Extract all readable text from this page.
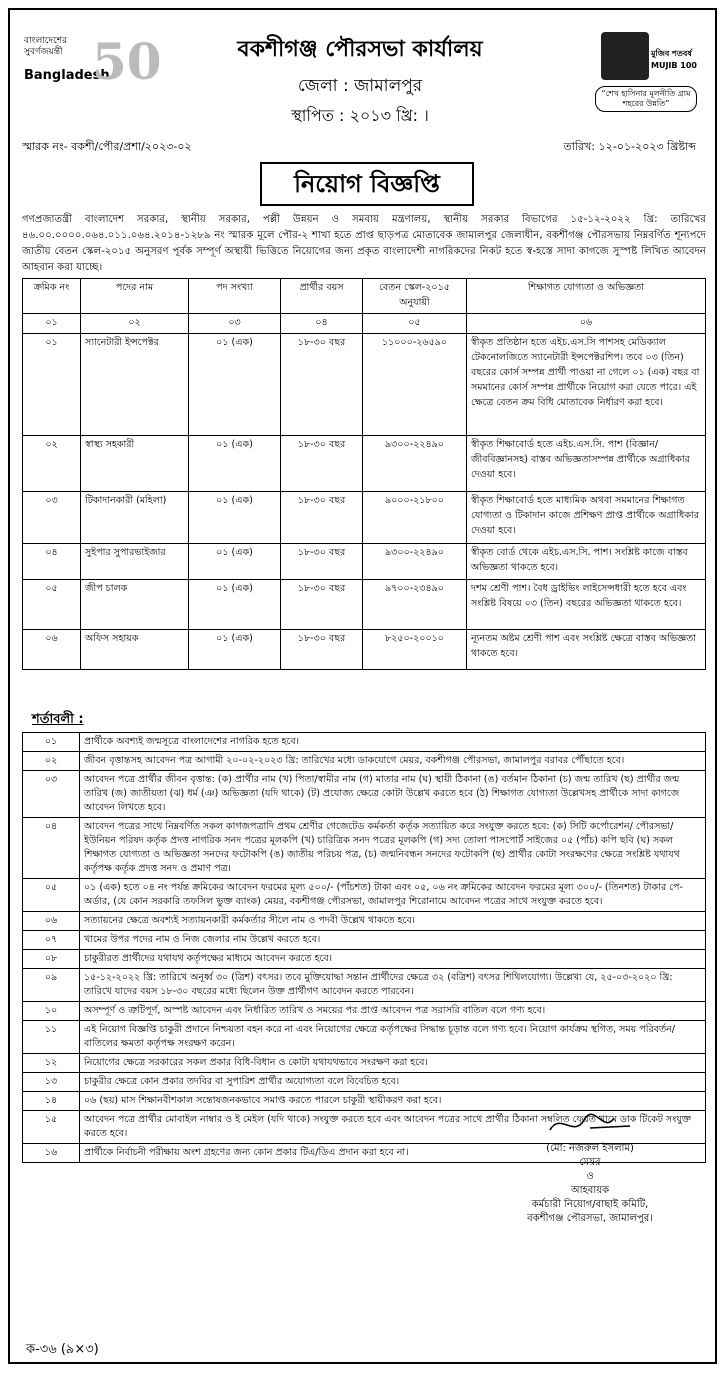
বাংলাদেশের
সুবর্ণজয়ন্তী
Bangladesh
50	বকশীগঞ্জ পৌরসভা কার্যালয়
জেলা : জামালপুর
স্থাপিত : ২০১৩ খ্রি: ।
মুজিব শতবর্ষ
MUJIB 100
“শেখ হাসিনার মূলনীতি গ্রাম শহরের উন্নতি”
স্মারক নং- বকশী/পৌর/প্রশা/২০২৩-০২	তারিখ: ১২-০১-২০২৩ খ্রিষ্টাব্দ
নিয়োগ বিজ্ঞপ্তি
গণপ্রজাতন্ত্রী বাংলাদেশ সরকার, স্থানীয় সরকার, পল্লী উন্নয়ন ও সমবায় মন্ত্রণালয়, স্থানীয় সরকার বিভাগের ১৫-১২-২০২২ খ্রি: তারিখের ৪৬.০০.০০০০.০৬৪.০১১.০৬৪.২০১৪-১২৮৯ নং স্মারক মূলে পৌর-২ শাখা হতে প্রাপ্ত ছাড়পত্র মোতাবেক জামালপুর জেলাধীন, বকশীগঞ্জ পৌরসভায় নিম্নবর্ণিত শূন্যপদে জাতীয় বেতন স্কেল-২০১৫ অনুসরণ পূর্বক সম্পূর্ণ অস্থায়ী ভিত্তিতে নিয়োগের জন্য প্রকৃত বাংলাদেশী নাগরিকদের নিকট হতে স্ব-হস্তে সাদা কাগজে সুস্পষ্ট লিখিত আবেদন আহবান করা যাচ্ছে।
ক্রমিক নং	পদের নাম	পদ সংখ্যা	প্রার্থীর বয়স	বেতন স্কেল-২০১৫ অনুযায়ী	শিক্ষাগত যোগ্যতা ও অভিজ্ঞতা
০১	০২	০৩	০৪	০৫	০৬
০১	স্যানেটারী ইন্সপেক্টর	০১ (এক)	১৮-৩০ বছর	১১০০০-২৬৫৯০	স্বীকৃত প্রতিষ্ঠান হতে এইচ.এস.সি পাশসহ মেডিক্যাল টেকনোলজিতে স্যানেটারী ইন্সপেক্টরশিপ। তবে ০৩ (তিন) বছরের কোর্স সম্পন্ন প্রার্থী পাওয়া না গেলে ০১ (এক) বছর বা সমমানের কোর্স সম্পন্ন প্রার্থীকে নিয়োগ করা যেতে পারে। এই ক্ষেত্রে বেতন ক্রম বিধি মোতাবেক নির্ধারণ করা হবে।
০২	স্বাস্থ্য সহকারী	০১ (এক)	১৮-৩০ বছর	৯৩০০-২২৪৯০	স্বীকৃত শিক্ষাবোর্ড হতে এইচ.এস.সি. পাশ (বিজ্ঞান/জীববিজ্ঞানসহ) বাস্তব অভিজ্ঞতাসম্পন্ন প্রার্থীকে অগ্রাধিকার দেওয়া হবে।
০৩	টিকাদানকারী (মহিলা)	০১ (এক)	১৮-৩০ বছর	৯০০০-২১৮০০	স্বীকৃত শিক্ষাবোর্ড হতে মাধ্যমিক অথবা সমমানের শিক্ষাগত যোগ্যতা ও টিকাদান কাজে প্রশিক্ষণ প্রাপ্ত প্রার্থীকে অগ্রাধিকার দেওয়া হবে।
০৪	সুইপার সুপারভাইজার	০১ (এক)	১৮-৩০ বছর	৯৩০০-২২৪৯০	স্বীকৃত বোর্ড থেকে এইচ.এস.সি. পাশ। সংশ্লিষ্ট কাজে বাস্তব অভিজ্ঞতা থাকতে হবে।
০৫	জীপ চালক	০১ (এক)	১৮-৩০ বছর	৯৭০০-২৩৪৯০	দশম শ্রেণী পাশ। বৈধ ড্রাইভিং লাইসেন্সধারী হতে হবে এবং সংশ্লিষ্ট বিষয়ে ০৩ (তিন) বছরের অভিজ্ঞতা থাকতে হবে।
০৬	অফিস সহায়ক	০১ (এক)	১৮-৩০ বছর	৮২৫০-২০০১০	ন্যূনতম অষ্টম শ্রেণী পাশ এবং সংশ্লিষ্ট ক্ষেত্রে বাস্তব অভিজ্ঞতা থাকতে হবে।
শর্তাবলী :
০১	প্রার্থীকে অবশ্যই জন্মসূত্রে বাংলাদেশের নাগরিক হতে হবে।
০২	জীবন বৃত্তান্তসহ আবেদন পত্র আগামী ২০-০২-২০২৩ খ্রি: তারিখের মধ্যে ডাকযোগে মেয়র, বকশীগঞ্জ পৌরসভা, জামালপুর বরাবর পৌঁছাতে হবে।
০৩	আবেদন পত্রে প্রার্থীর জীবন বৃত্তান্ত: (ক) প্রার্থীর নাম (খ) পিতা/স্বামীর নাম (গ) মাতার নাম (ঘ) স্থায়ী ঠিকানা (ঙ) বর্তমান ঠিকানা (চ) জন্ম তারিখ (ছ) প্রার্থীর জন্ম তারিখ (জ) জাতীয়তা (ঝ) ধর্ম (ঞ) অভিজ্ঞতা (যদি থাকে) (ট) প্রযোজ্য ক্ষেত্রে কোটা উল্লেখ করতে হবে (ঠ) শিক্ষাগত যোগ্যতা উল্লেখসহ প্রার্থীকে সাদা কাগজে আবেদন লিখতে হবে।
০৪	আবেদন পত্রের সাথে নিম্নবর্ণিত সকল কাগজপত্রাদি প্রথম শ্রেণীর গেজেটেড কর্মকর্তা কর্তৃক সত্যায়িত করে সংযুক্ত করতে হবে: (ক) সিটি কর্পোরেশন/ পৌরসভা/ইউনিয়ন পরিষদ কর্তৃক প্রদত্ত নাগরিক সনদ পত্রের মূলকপি (খ) চারিত্রিক সনদ পত্রের মূলকপি (গ) সদ্য তোলা পাসপোর্ট সাইজের ০৫ (পাঁচ) কপি ছবি (ঘ) সকল শিক্ষাগত যোগ্যতা ও অভিজ্ঞতা সনদের ফটোকপি (ঙ) জাতীয় পরিচয় পত্র, (চ) জন্মনিবন্ধন সনদের ফটোকপি (ছ) প্রার্থীর কোটা সংরক্ষণের ক্ষেত্রে সংশ্লিষ্ট যথাযথ কর্তৃপক্ষ কর্তৃক প্রদত্ত সনদ ও প্রমাণ পত্র।
০৫	০১ (এক) হতে ০৪ নং পর্যন্ত ক্রমিকের আবেদন ফরমের মূল্য ৫০০/- (পাঁচশত) টাকা এবং ০৫, ০৬ নং ক্রমিকের আবেদন ফরমের মূল্য ৩০০/- (তিনশত) টাকার পে-অর্ডার, (যে কোন সরকারি তফসিল ভুক্ত ব্যাংক) মেয়র, বকশীগঞ্জ পৌরসভা, জামালপুর শিরোনামে আবেদন পত্রের সাথে সংযুক্ত করতে হবে।
০৬	সত্যায়নের ক্ষেত্রে অবশ্যই সত্যায়নকারী কর্মকর্তার সীলে নাম ও পদবী উল্লেখ থাকতে হবে।
০৭	খামের উপর পদের নাম ও নিজ জেলার নাম উল্লেখ করতে হবে।
০৮	চাকুরীরত প্রার্থীদের যথাযথ কর্তৃপক্ষের মাধ্যমে আবেদন করতে হবে।
০৯	১৫-১২-২০২২ খ্রি: তারিখে অনূর্ধ্ব ৩০ (ত্রিশ) বৎসর। তবে মুক্তিযোদ্ধা সন্তান প্রার্থীদের ক্ষেত্রে ৩২ (বত্রিশ) বৎসর শিথিলযোগ্য। উল্লেখ্য যে, ২৫-০৩-২০২০ খ্রি: তারিখে যাদের বয়স ১৮-৩০ বছরের মধ্যে ছিলেন উক্ত প্রার্থীগণ আবেদন করতে পারবেন।
১০	অসম্পূর্ণ ও ত্রুটিপূর্ণ, অস্পষ্ট আবেদন এবং নির্ধারিত তারিখ ও সময়ের পর প্রাপ্ত আবেদন পত্র সরাসরি বাতিল বলে গণ্য হবে।
১১	এই নিয়োগ বিজ্ঞপ্তি চাকুরী প্রদানে নিশ্চয়তা বহন করে না এবং নিয়োগের ক্ষেত্রে কর্তৃপক্ষের সিদ্ধান্ত চূড়ান্ত বলে গণ্য হবে। নিয়োগ কার্যক্রম স্থগিত, সময় পরিবর্তন/বাতিলের ক্ষমতা কর্তৃপক্ষ সংরক্ষণ করেন।
১২	নিয়োগের ক্ষেত্রে সরকারের সকল প্রকার বিধি-বিধান ও কোটা যথাযথভাবে সংরক্ষণ করা হবে।
১৩	চাকুরীর ক্ষেত্রে কোন প্রকার তদবির বা সুপারিশ প্রার্থীর অযোগ্যতা বলে বিবেচিত হবে।
১৪	০৬ (ছয়) মাস শিক্ষানবীশকাল সন্তোষজনকভাবে সমাপ্ত করতে পারলে চাকুরী স্থায়ীকরণ করা হবে।
১৫	আবেদন পত্রে প্রার্থীর মোবাইল নাম্বার ও ই মেইল (যদি থাকে) সংযুক্ত করতে হবে এবং আবেদন পত্রের সাথে প্রার্থীর ঠিকানা সম্বলিত ফেরত খামে ডাক টিকেট সংযুক্ত করতে হবে।
১৬	প্রার্থীকে নির্বাচনী পরীক্ষায় অংশ গ্রহণের জন্য কোন প্রকার টিএ/ডিএ প্রদান করা হবে না।	(মো: নজরুল ইসলাম)
মেয়র
ও
আহবায়ক
কর্মচারী নিয়োগ/বাছাই কমিটি,
বকশীগঞ্জ পৌরসভা, জামালপুর।
ক-৩৬ (৯×৩)
